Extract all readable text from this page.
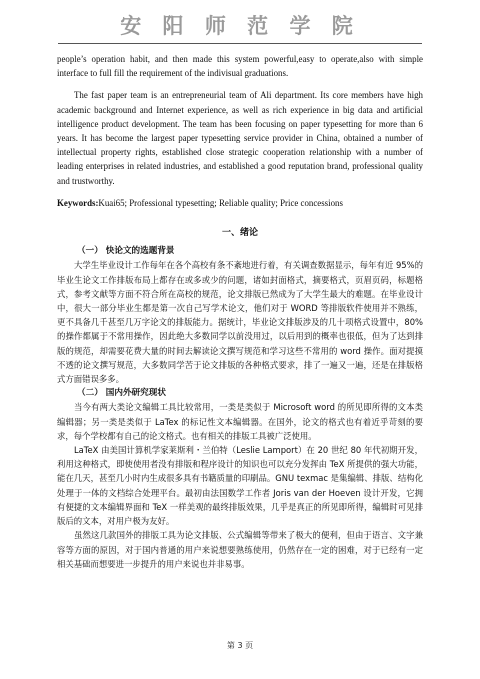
安 阳 师 范 学 院

people’s operation habit, and then made this system powerful,easy to operate,also with simple interface to full fill the requirement of the indivisual graduations.

The fast paper team is an entrepreneurial team of Ali department. Its core members have high academic background and Internet experience, as well as rich experience in big data and artificial intelligence product development. The team has been focusing on paper typesetting for more than 6 years. It has become the largest paper typesetting service provider in China, obtained a number of intellectual property rights, established close strategic cooperation relationship with a number of leading enterprises in related industries, and established a good reputation brand, professional quality and trustworthy.

Keywords:Kuai65; Professional typesetting; Reliable quality; Price concessions

一、绪论
（一） 快论文的选题背景

大学生毕业设计工作每年在各个高校有条不紊地进行着，有关调查数据显示，每年有近 95%的毕业生论文工作排版布局上都存在或多或少的问题，诸如封面格式，摘要格式，页眉页码，标题格式，参考文献等方面不符合所在高校的规范，论文排版已然成为了大学生最大的难题。在毕业设计中，很大一部分毕业生都是第一次自己写学术论文，他们对于 WORD 等排版软件使用并不熟练，更不具备几千甚至几万字论文的排版能力。据统计，毕业论文排版涉及的几十项格式设置中，80%的操作都属于不常用操作，因此绝大多数同学以前没用过，以后用到的概率也很低，但为了达到排版的规范，却需要花费大量的时间去解读论文撰写规范和学习这些不常用的 word 操作。面对提摸不透的论文撰写规范，大多数同学苦于论文排版的各种格式要求，排了一遍又一遍，还是在排版格式方面错误多多。

（二） 国内外研究现状

当今有两大类论文编辑工具比较常用，一类是类似于 Microsoft word 的所见即所得的文本类编辑器；另一类是类似于 LaTex 的标记性文本编辑器。在国外，论文的格式也有着近乎苛刻的要求，每个学校都有自己的论文格式。也有相关的排版工具被广泛使用。

LaTeX 由美国计算机学家莱斯利・兰伯特（Leslie Lamport）在 20 世纪 80 年代初期开发，利用这种格式，即使使用者没有排版和程序设计的知识也可以充分发挥由 TeX 所提供的强大功能，能在几天，甚至几小时内生成很多具有书籍质量的印刷品。GNU texmac 是集编辑、排版、结构化处理于一体的文档综合处理平台。最初由法国数学工作者 Joris van der Hoeven 设计开发，它拥有便捷的文本编辑界面和 TeX 一样美观的最终排版效果，几乎是真正的所见即所得，编辑时可见排版后的文本，对用户极为友好。

虽然这几款国外的排版工具为论文排版、公式编辑等带来了极大的便利，但由于语言、文字兼容等方面的原因，对于国内普通的用户来说想要熟练使用，仍然存在一定的困难，对于已经有一定相关基础而想要进一步提升的用户来说也并非易事。

第 3 页
